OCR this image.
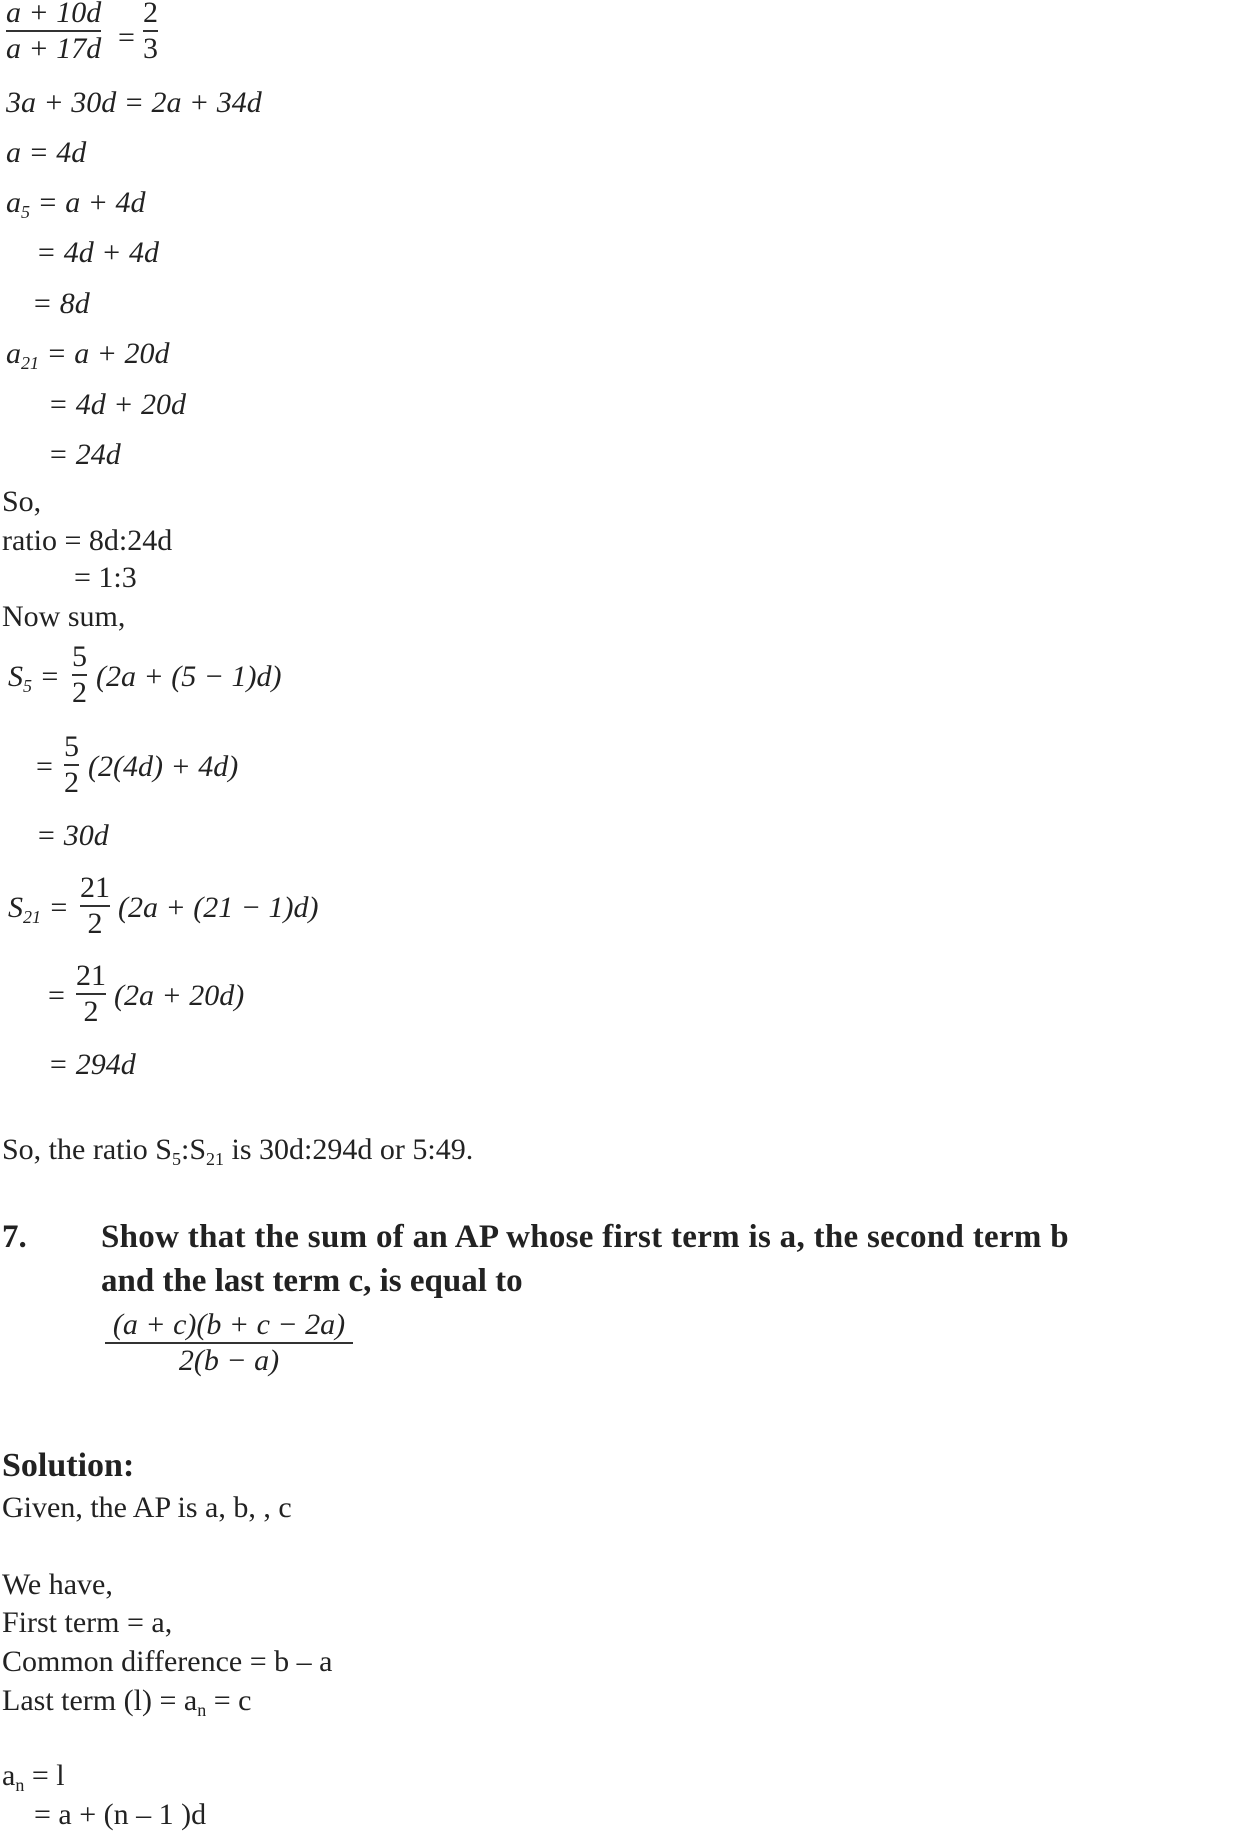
a + 10d
a + 17d =
2
3
3a + 30d = 2a + 34d
a = 4d
$a_5 = a + 4d$
= 4d + 4d
= 8d
$a_{21} = a + 20d$
= 4d + 20d
= 24d
So,
ratio = 8d:24d
= 1:3
Now sum,
$S_5$ =
5
2 (2a + (5 − 1)d)
=
5
2 (2(4d) + 4d)
= 30d
$S_{21}$ =
21
2 (2a + (21 − 1)d)
=
21
2 (2a + 20d)
= 294d
So, the ratio $S_5:S_{21}$ is 30d:294d or 5:49.
7. Show that the sum of an AP whose first term is a, the second term b
and the last term c, is equal to
(a + c)(b + c − 2a)
2(b − a)
Solution:
Given, the AP is a, b, , c
We have,
First term = a,
Common difference = b – a
Last term $(l) = a_n = c$
$a_n = l$
= a + (n – 1 )d
